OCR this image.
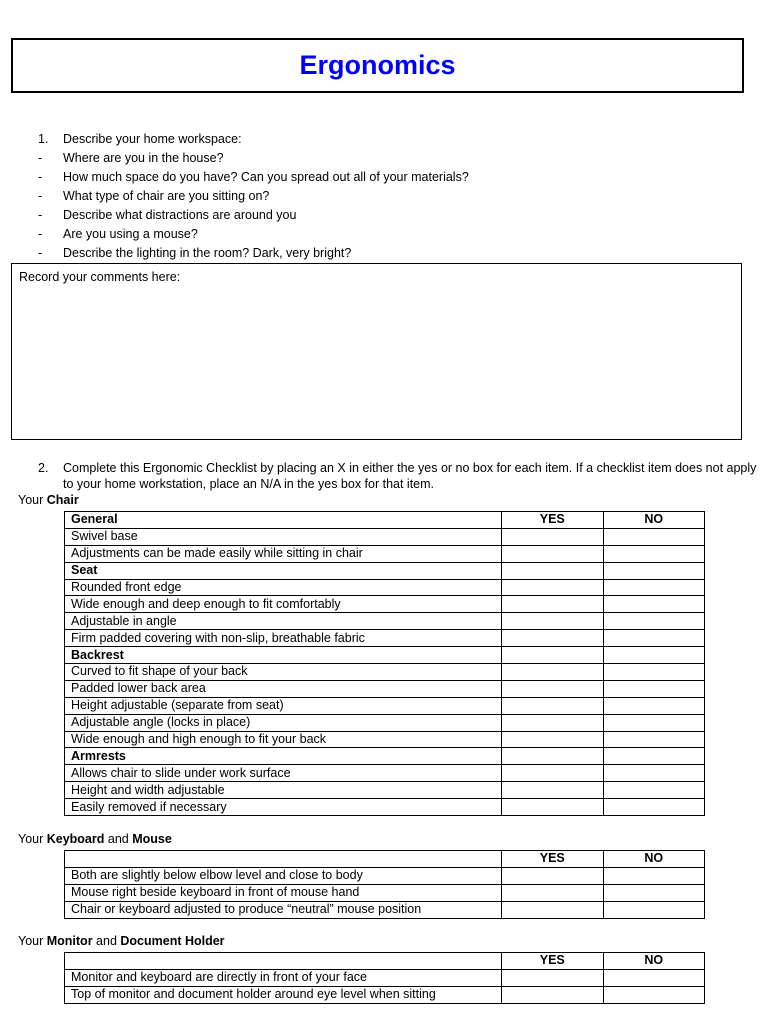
Ergonomics
1.	Describe your home workspace:
-	Where are you in the house?
-	How much space do you have? Can you spread out all of your materials?
-	What type of chair are you sitting on?
-	Describe what distractions are around you
-	Are you using a mouse?
-	Describe the lighting in the room? Dark, very bright?
Record your comments here:
2.	Complete this Ergonomic Checklist by placing an X in either the yes or no box for each item. If a checklist item does not apply to your home workstation, place an N/A in the yes box for that item.
Your Chair
General	YES	NO
Swivel base		
Adjustments can be made easily while sitting in chair		
Seat		
Rounded front edge		
Wide enough and deep enough to fit comfortably		
Adjustable in angle		
Firm padded covering with non-slip, breathable fabric		
Backrest		
Curved to fit shape of your back		
Padded lower back area		
Height adjustable (separate from seat)		
Adjustable angle (locks in place)		
Wide enough and high enough to fit your back		
Armrests		
Allows chair to slide under work surface		
Height and width adjustable		
Easily removed if necessary		
Your Keyboard and Mouse
	YES	NO
Both are slightly below elbow level and close to body		
Mouse right beside keyboard in front of mouse hand		
Chair or keyboard adjusted to produce “neutral” mouse position		
Your Monitor and Document Holder
	YES	NO
Monitor and keyboard are directly in front of your face		
Top of monitor and document holder around eye level when sitting		
